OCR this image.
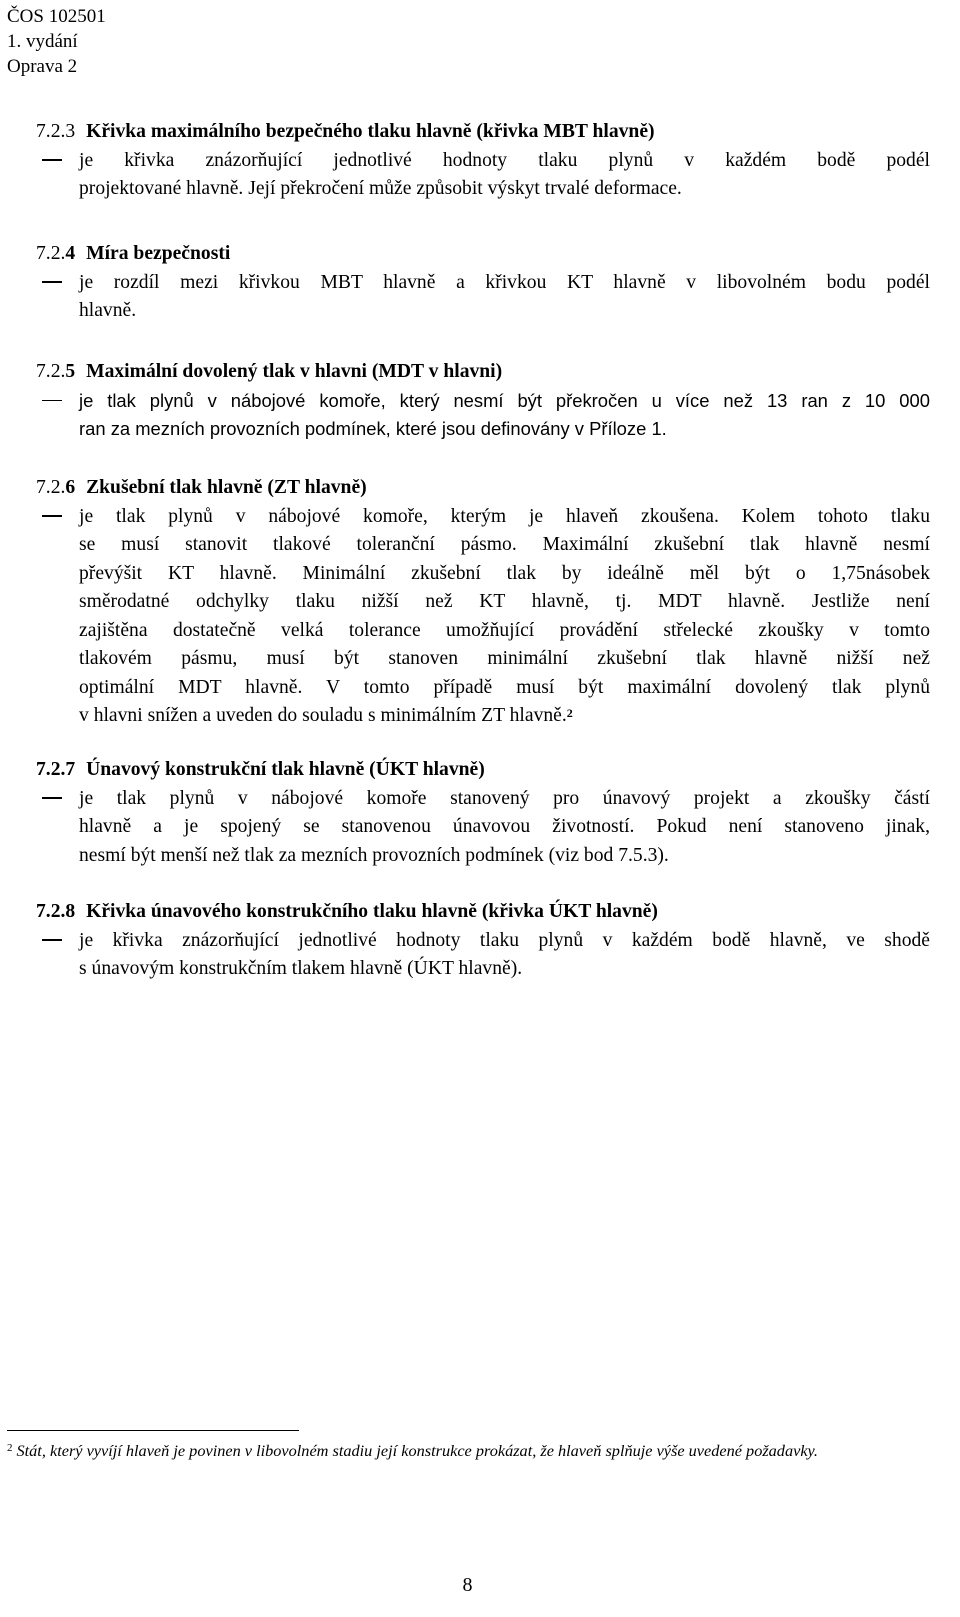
ČOS 102501
1. vydání
Oprava 2
7.2.3 Křivka maximálního bezpečného tlaku hlavně (křivka MBT hlavně)
je křivka znázorňující jednotlivé hodnoty tlaku plynů v každém bodě podél
projektované hlavně. Její překročení může způsobit výskyt trvalé deformace.
7.2.4 Míra bezpečnosti
je rozdíl mezi křivkou MBT hlavně a křivkou KT hlavně v libovolném bodu podél
hlavně.
7.2.5 Maximální dovolený tlak v hlavni (MDT v hlavni)
je tlak plynů v nábojové komoře, který nesmí být překročen u více než 13 ran z 10 000
ran za mezních provozních podmínek, které jsou definovány v Příloze 1.
7.2.6 Zkušební tlak hlavně (ZT hlavně)
je tlak plynů v nábojové komoře, kterým je hlaveň zkoušena. Kolem tohoto tlaku
se musí stanovit tlakové toleranční pásmo. Maximální zkušební tlak hlavně nesmí
převýšit KT hlavně. Minimální zkušební tlak by ideálně měl být o 1,75násobek
směrodatné odchylky tlaku nižší než KT hlavně, tj. MDT hlavně. Jestliže není
zajištěna dostatečně velká tolerance umožňující provádění střelecké zkoušky v tomto
tlakovém pásmu, musí být stanoven minimální zkušební tlak hlavně nižší než
optimální MDT hlavně. V tomto případě musí být maximální dovolený tlak plynů
v hlavni snížen a uveden do souladu s minimálním ZT hlavně.$^2$
7.2.7 Únavový konstrukční tlak hlavně (ÚKT hlavně)
je tlak plynů v nábojové komoře stanovený pro únavový projekt a zkoušky částí
hlavně a je spojený se stanovenou únavovou životností. Pokud není stanoveno jinak,
nesmí být menší než tlak za mezních provozních podmínek (viz bod 7.5.3).
7.2.8 Křivka únavového konstrukčního tlaku hlavně (křivka ÚKT hlavně)
je křivka znázorňující jednotlivé hodnoty tlaku plynů v každém bodě hlavně, ve shodě
s únavovým konstrukčním tlakem hlavně (ÚKT hlavně).
$^2$ Stát, který vyvíjí hlaveň je povinen v libovolném stadiu její konstrukce prokázat, že hlaveň splňuje výše uvedené požadavky.
8
